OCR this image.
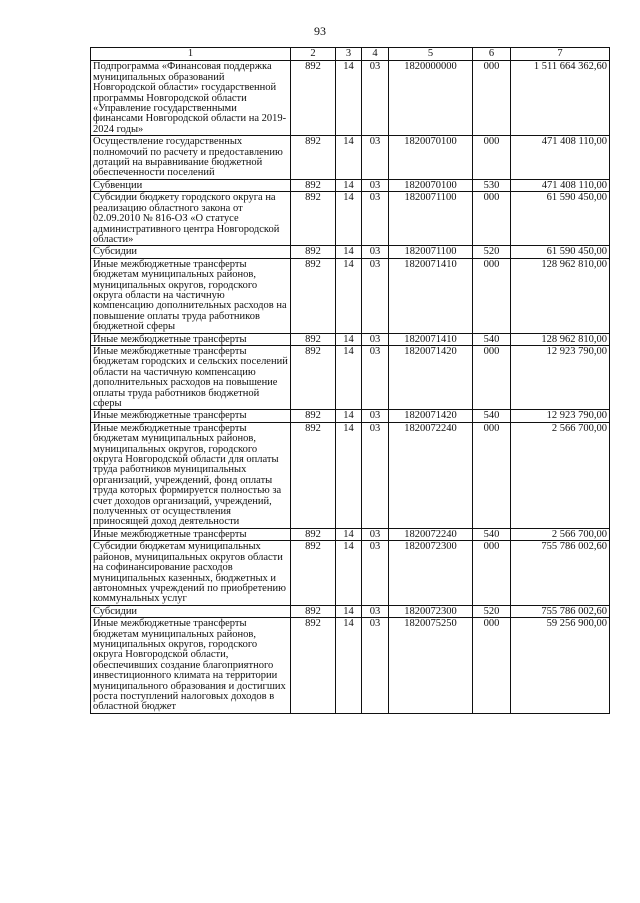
93
1	2	3	4	5	6	7
Подпрограмма «Финансовая поддержка муниципальных образований Новгородской области» государственной программы Новгородской области «Управление государственными финансами Новгородской области на 2019-2024 годы»	892	14	03	1820000000	000	1 511 664 362,60
Осуществление государственных полномочий по расчету и предоставлению дотаций на выравнивание бюджетной обеспеченности поселений	892	14	03	1820070100	000	471 408 110,00
Субвенции	892	14	03	1820070100	530	471 408 110,00
Субсидии бюджету городского округа на реализацию областного закона от 02.09.2010 № 816-ОЗ «О статусе административного центра Новгородской области»	892	14	03	1820071100	000	61 590 450,00
Субсидии	892	14	03	1820071100	520	61 590 450,00
Иные межбюджетные трансферты бюджетам муниципальных районов, муниципальных округов, городского округа области на частичную компенсацию дополнительных расходов на повышение оплаты труда работников бюджетной сферы	892	14	03	1820071410	000	128 962 810,00
Иные межбюджетные трансферты	892	14	03	1820071410	540	128 962 810,00
Иные межбюджетные трансферты бюджетам городских и сельских поселений области на частичную компенсацию дополнительных расходов на повышение оплаты труда работников бюджетной сферы	892	14	03	1820071420	000	12 923 790,00
Иные межбюджетные трансферты	892	14	03	1820071420	540	12 923 790,00
Иные межбюджетные трансферты бюджетам муниципальных районов, муниципальных округов, городского округа Новгородской области для оплаты труда работников муниципальных организаций, учреждений, фонд оплаты труда которых формируется полностью за счет доходов организаций, учреждений, полученных от осуществления приносящей доход деятельности	892	14	03	1820072240	000	2 566 700,00
Иные межбюджетные трансферты	892	14	03	1820072240	540	2 566 700,00
Субсидии бюджетам муниципальных районов, муниципальных округов области на софинансирование расходов муниципальных казенных, бюджетных и автономных учреждений по приобретению коммунальных услуг	892	14	03	1820072300	000	755 786 002,60
Субсидии	892	14	03	1820072300	520	755 786 002,60
Иные межбюджетные трансферты бюджетам муниципальных районов, муниципальных округов, городского округа Новгородской области, обеспечивших создание благоприятного инвестиционного климата на территории муниципального образования и достигших роста поступлений налоговых доходов в областной бюджет	892	14	03	1820075250	000	59 256 900,00
